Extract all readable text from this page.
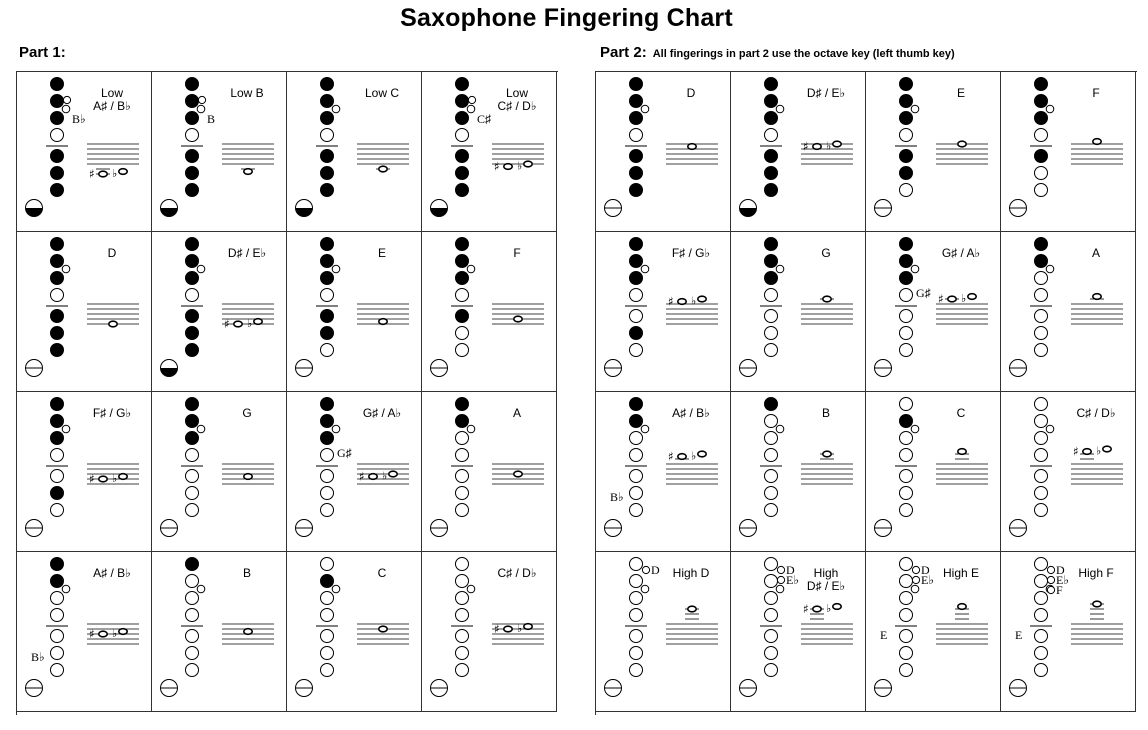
Saxophone Fingering Chart
Part 1:	Part 2: All fingerings in part 2 use the octave key (left thumb key)
Low
A♯ / B♭
B♭
♯ ♭
Low B
B
Low C	Low
C♯ / D♭
C♯
♯ ♭
D	D♯ / E♭
♯ ♭
E	F
F♯ / G♭
♯ ♭
G	G♯ / A♭
G♯
♯ ♭
A
A♯ / B♭
B♭
♯ ♭
B	C	C♯ / D♭
♯ ♭
D	D♯ / E♭
♯ ♭
E	F
F♯ / G♭
♯ ♭
G	G♯ / A♭
G♯ ♯ ♭
A
A♯ / B♭
B♭
♯ ♭
B	C	C♯ / D♭
♯ ♭
High D
D	High
D♯ / E♭
D
E♭
♯ ♭
High E
D
E♭
E
High F
D
E♭
F
E
